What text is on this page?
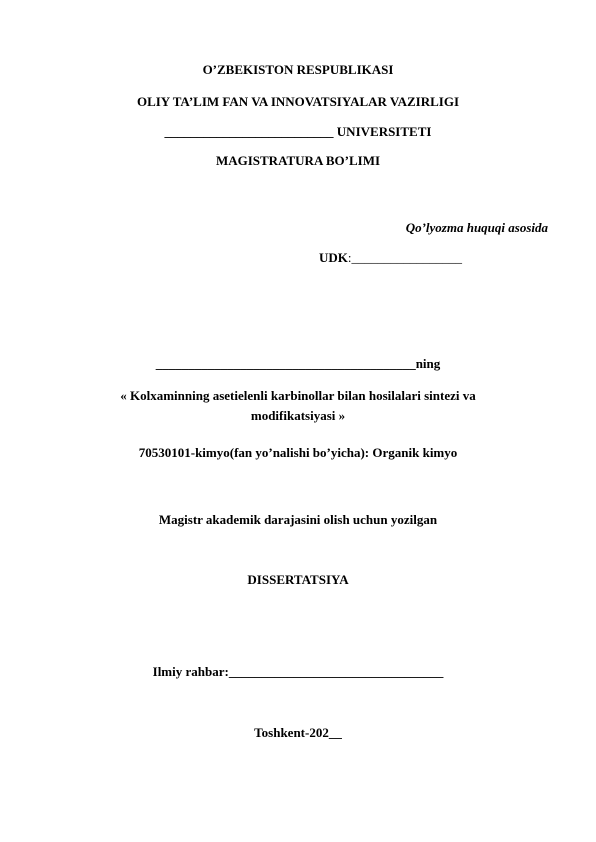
O’ZBEKISTON RESPUBLIKASI
OLIY TA’LIM FAN VA INNOVATSIYALAR VAZIRLIGI
__________________________ UNIVERSITETI
MAGISTRATURA BO’LIMI
Qo’lyozma huquqi asosida
UDK:_________________
________________________________________ning
« Kolxaminning asetielenli karbinollar bilan hosilalari sintezi va modifikatsiyasi »
70530101-kimyo(fan yo’nalishi bo’yicha): Organik kimyo
Magistr akademik darajasini olish uchun yozilgan
DISSERTATSIYA
Ilmiy rahbar:_________________________________
Toshkent-202__
